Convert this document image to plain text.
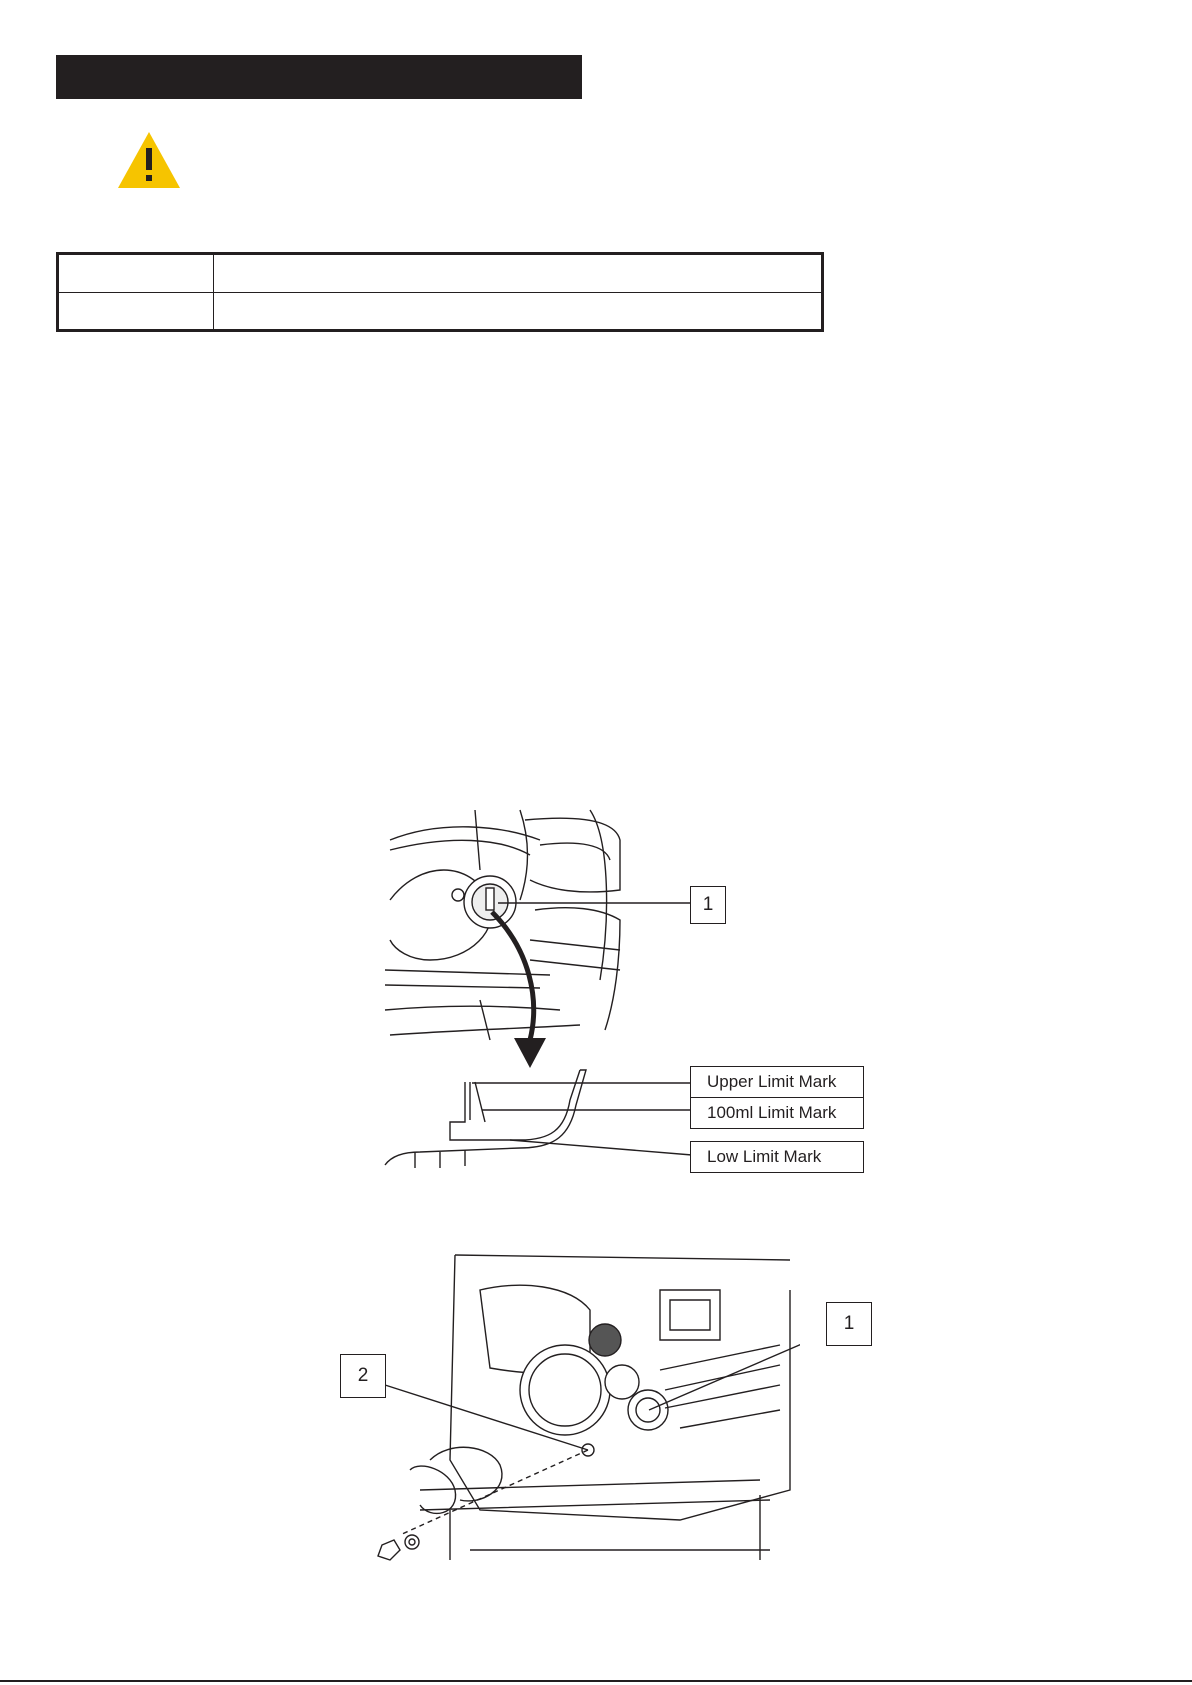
1
Upper Limit Mark
100ml Limit Mark
Low Limit Mark
1
2
